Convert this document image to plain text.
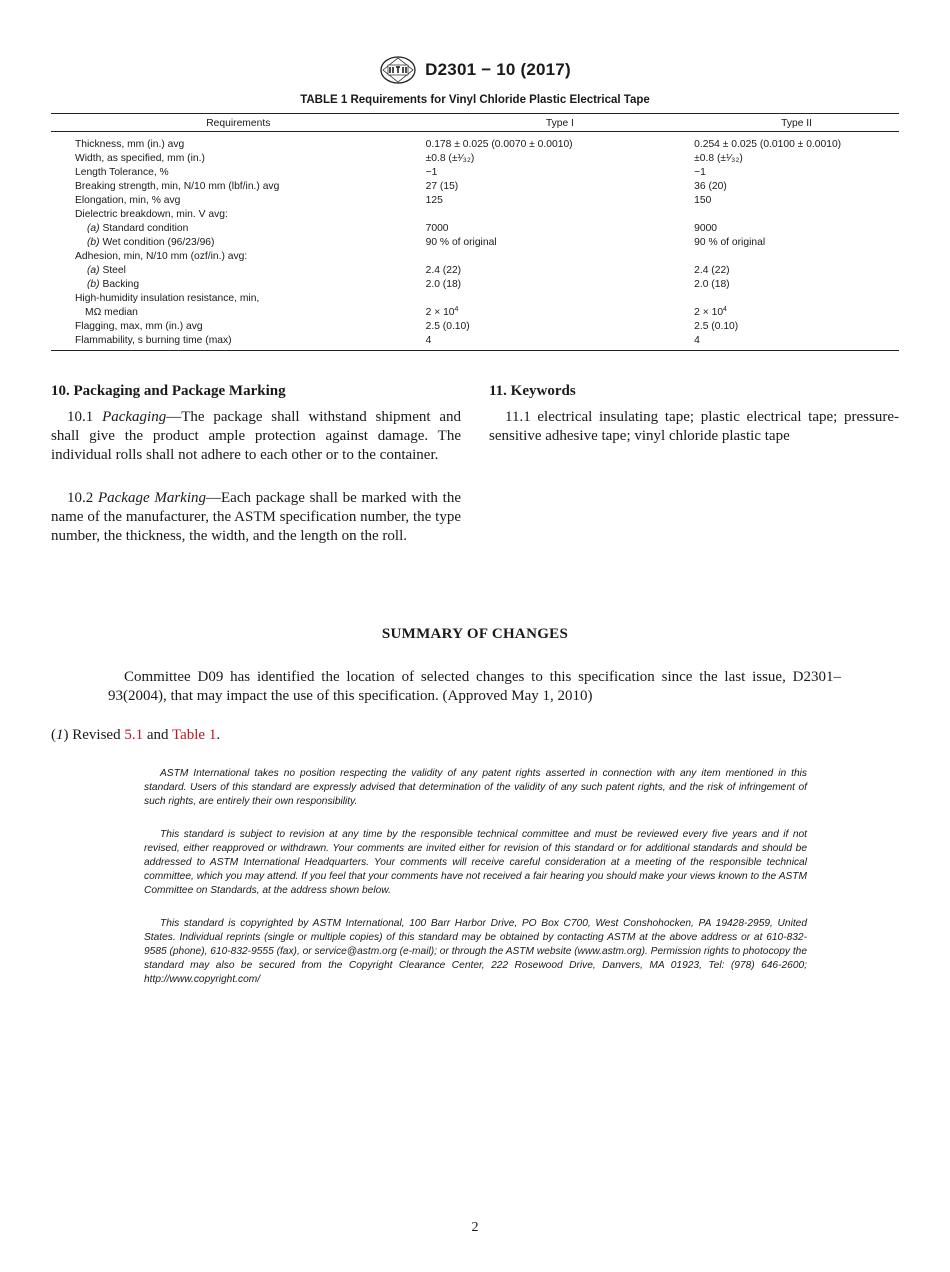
D2301 − 10 (2017)
TABLE 1 Requirements for Vinyl Chloride Plastic Electrical Tape
Requirements	Type I	Type II
Thickness, mm (in.) avg	0.178 ± 0.025 (0.0070 ± 0.0010)	0.254 ± 0.025 (0.0100 ± 0.0010)
Width, as specified, mm (in.)	±0.8 (±¹⁄₃₂)	±0.8 (±¹⁄₃₂)
Length Tolerance, %	−1	−1
Breaking strength, min, N/10 mm (lbf/in.) avg	27 (15)	36 (20)
Elongation, min, % avg	125	150
Dielectric breakdown, min. V avg:		
(a) Standard condition	7000	9000
(b) Wet condition (96/23/96)	90 % of original	90 % of original
Adhesion, min, N/10 mm (ozf/in.) avg:		
(a) Steel	2.4 (22)	2.4 (22)
(b) Backing	2.0 (18)	2.0 (18)
High-humidity insulation resistance, min,		
MΩ median	$2 \times 10^4$	$2 \times 10^4$
Flagging, max, mm (in.) avg	2.5 (0.10)	2.5 (0.10)
Flammability, s burning time (max)	4	4
10. Packaging and Package Marking
10.1 Packaging—The package shall withstand shipment and shall give the product ample protection against damage. The individual rolls shall not adhere to each other or to the container.
10.2 Package Marking—Each package shall be marked with the name of the manufacturer, the ASTM specification number, the type number, the thickness, the width, and the length on the roll.
11. Keywords
11.1 electrical insulating tape; plastic electrical tape; pressure-sensitive adhesive tape; vinyl chloride plastic tape
SUMMARY OF CHANGES
Committee D09 has identified the location of selected changes to this specification since the last issue, D2301–93(2004), that may impact the use of this specification. (Approved May 1, 2010)
(1) Revised 5.1 and Table 1.
ASTM International takes no position respecting the validity of any patent rights asserted in connection with any item mentioned in this standard. Users of this standard are expressly advised that determination of the validity of any such patent rights, and the risk of infringement of such rights, are entirely their own responsibility.
This standard is subject to revision at any time by the responsible technical committee and must be reviewed every five years and if not revised, either reapproved or withdrawn. Your comments are invited either for revision of this standard or for additional standards and should be addressed to ASTM International Headquarters. Your comments will receive careful consideration at a meeting of the responsible technical committee, which you may attend. If you feel that your comments have not received a fair hearing you should make your views known to the ASTM Committee on Standards, at the address shown below.
This standard is copyrighted by ASTM International, 100 Barr Harbor Drive, PO Box C700, West Conshohocken, PA 19428-2959, United States. Individual reprints (single or multiple copies) of this standard may be obtained by contacting ASTM at the above address or at 610-832-9585 (phone), 610-832-9555 (fax), or service@astm.org (e-mail); or through the ASTM website (www.astm.org). Permission rights to photocopy the standard may also be secured from the Copyright Clearance Center, 222 Rosewood Drive, Danvers, MA 01923, Tel: (978) 646-2600; http://www.copyright.com/
2
